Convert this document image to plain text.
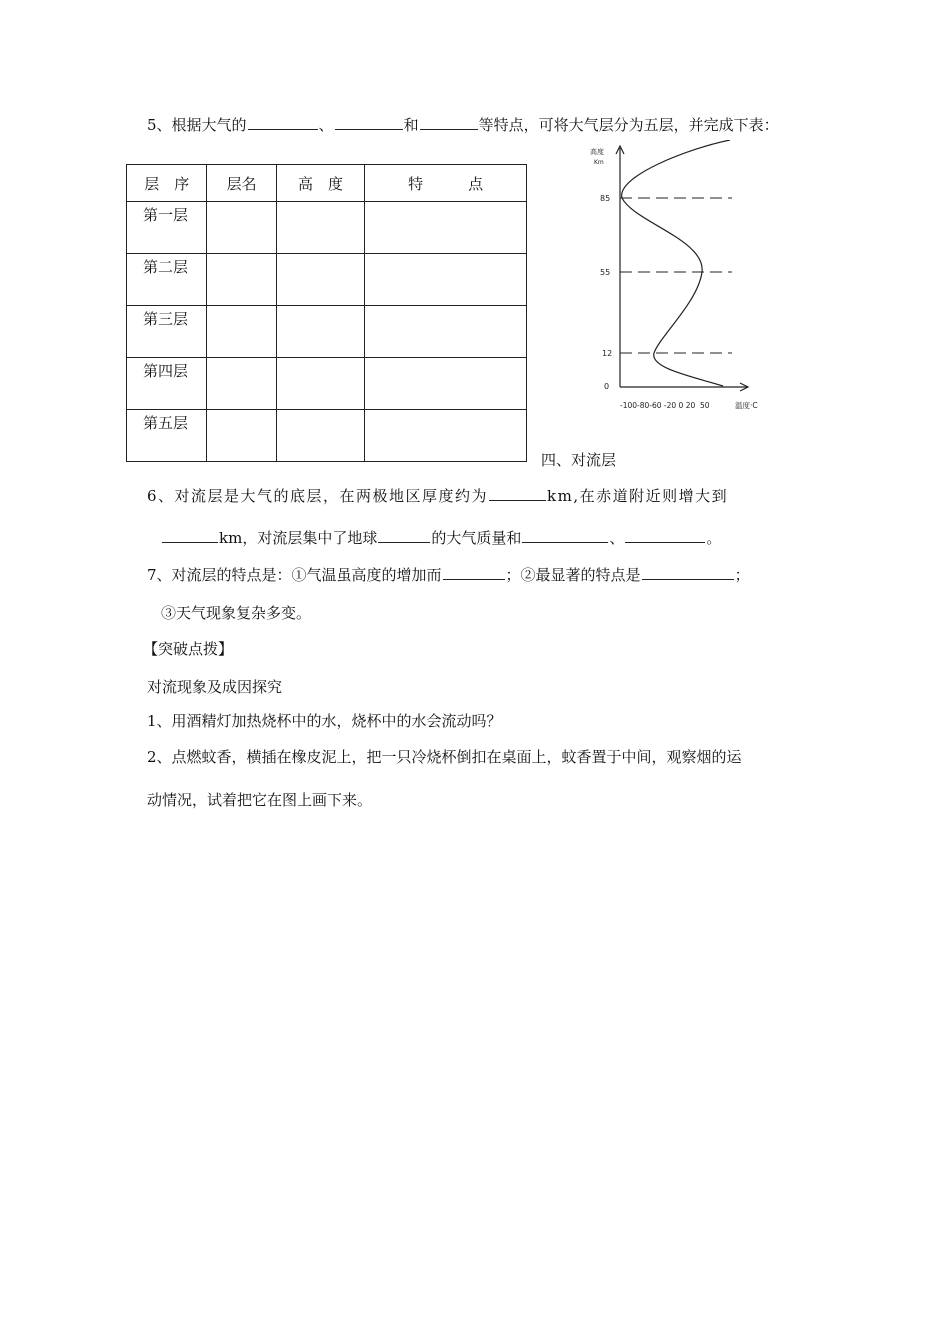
5、根据大气的	、	和	等特点，可将大气层分为五层，并完成下表：
层　序	层名	高　度	特　　　点
第一层			
第二层			
第三层			
第四层			
第五层			
高度
Km
85
55
12
0
-100-80-60 -20 0 20  50	温度·C
四、对流层
6、对流层是大气的底层，在两极地区厚度约为	km,在赤道附近则增大到
km，对流层集中了地球	的大气质量和	、	。
7、对流层的特点是：①气温虽高度的增加而	；②最显著的特点是	；
③天气现象复杂多变。
【突破点拨】
对流现象及成因探究
1、用酒精灯加热烧杯中的水，烧杯中的水会流动吗？
2、点燃蚊香，横插在橡皮泥上，把一只冷烧杯倒扣在桌面上，蚊香置于中间，观察烟的运
动情况，试着把它在图上画下来。
